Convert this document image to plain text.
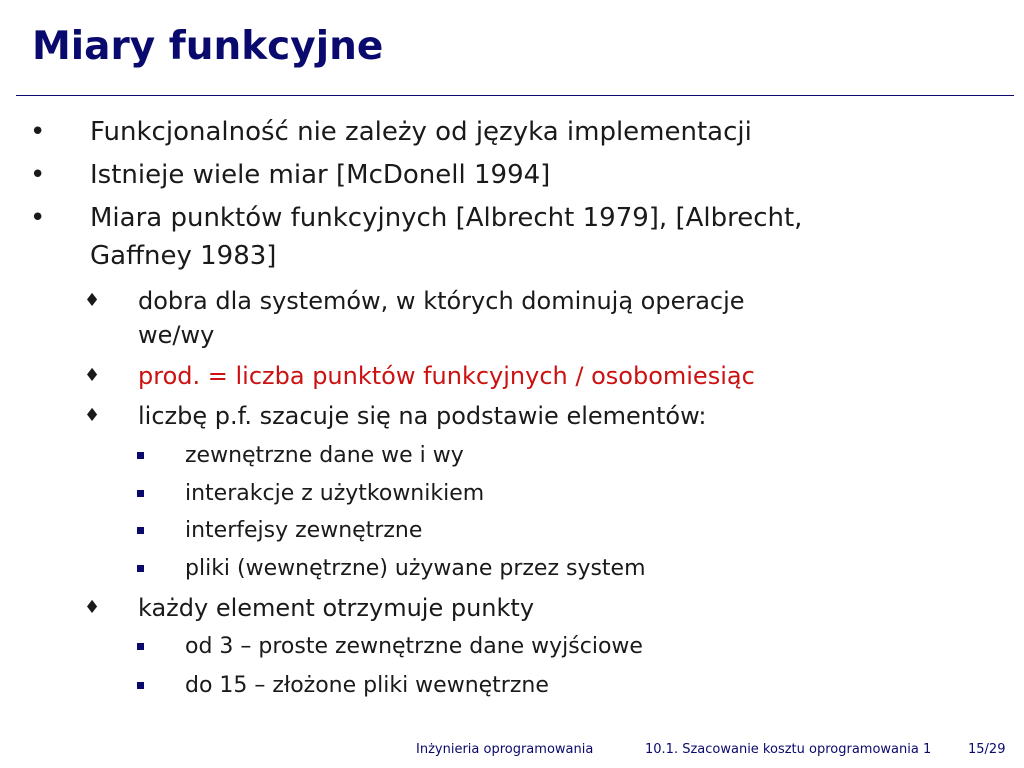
Miary funkcyjne
• Funkcjonalność nie zależy od języka implementacji

• Istnieje wiele miar [McDonell 1994]

• Miara punktów funkcyjnych [Albrecht 1979], [Albrecht, Gaffney 1983]

♦ dobra dla systemów, w których dominują operacje we/wy

♦ prod. = liczba punktów funkcyjnych / osobomiesiąc

♦ liczbę p.f. szacuje się na podstawie elementów:

zewnętrzne dane we i wy

interakcje z użytkownikiem

interfejsy zewnętrzne

pliki (wewnętrzne) używane przez system

♦ każdy element otrzymuje punkty

od 3 – proste zewnętrzne dane wyjściowe

do 15 – złożone pliki wewnętrzne

Inżynieria oprogramowania	10.1. Szacowanie kosztu oprogramowania 1	15/29
